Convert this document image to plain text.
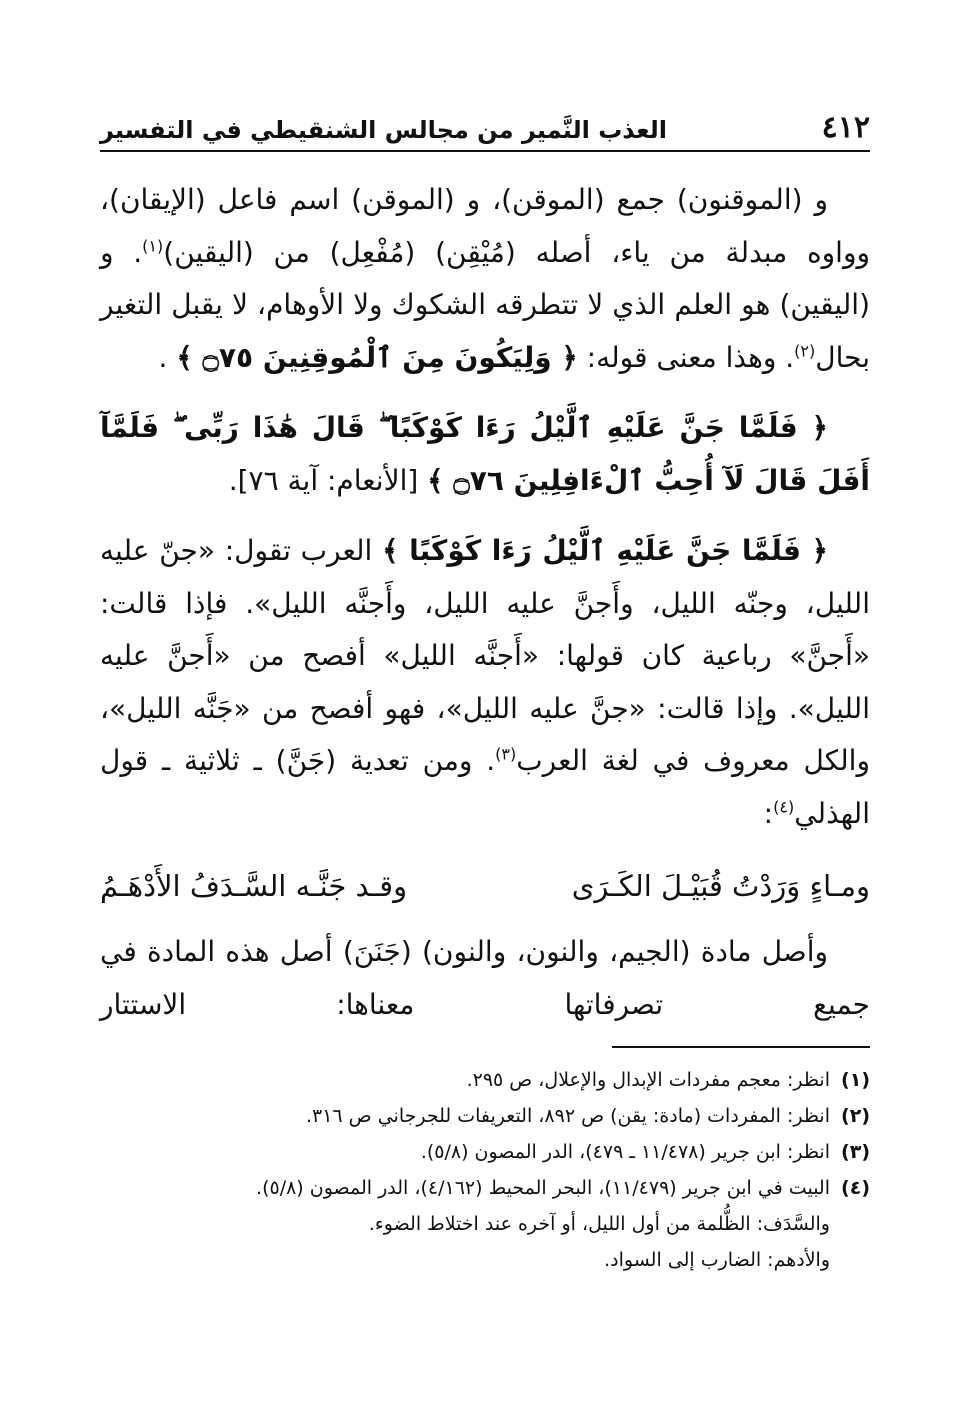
٤١٢
العذب النَّمير من مجالس الشنقيطي في التفسير

و (الموقنون) جمع (الموقن)، و (الموقن) اسم فاعل (الإيقان)، وواوه مبدلة من ياء، أصله (مُيْقِن) (مُفْعِل) من (اليقين)$^{(١)}$. و (اليقين) هو العلم الذي لا تتطرقه الشكوك ولا الأوهام، لا يقبل التغير بحال$^{(٢)}$. وهذا معنى قوله: ﴿ وَلِيَكُونَ مِنَ ٱلْمُوقِنِينَ ۝٧٥ ﴾ .

﴿ فَلَمَّا جَنَّ عَلَيْهِ ٱلَّيْلُ رَءَا كَوْكَبًا ۖ قَالَ هَٰذَا رَبِّى ۖ فَلَمَّآ أَفَلَ قَالَ لَآ أُحِبُّ ٱلْءَافِلِينَ ۝٧٦ ﴾ [الأنعام: آية ٧٦].

﴿ فَلَمَّا جَنَّ عَلَيْهِ ٱلَّيْلُ رَءَا كَوْكَبًا ﴾ العرب تقول: «جنّ عليه الليل، وجنّه الليل، وأَجنَّ عليه الليل، وأَجنَّه الليل». فإذا قالت: «أَجنَّ» رباعية كان قولها: «أَجنَّه الليل» أفصح من «أَجنَّ عليه الليل». وإذا قالت: «جنَّ عليه الليل»، فهو أفصح من «جَنَّه الليل»، والكل معروف في لغة العرب$^{(٣)}$. ومن تعدية (جَنَّ) ـ ثلاثية ـ قول الهذلي$^{(٤)}$:

ومـاءٍ وَرَدْتُ قُبَيْـلَ الكَـرَى
وقـد جَنَّـه السَّـدَفُ الأَدْهَـمُ

وأصل مادة (الجيم، والنون، والنون) (جَنَنَ) أصل هذه المادة في جميع تصرفاتها معناها: الاستتار

(١)
انظر: معجم مفردات الإبدال والإعلال، ص ٢٩٥.
(٢)
انظر: المفردات (مادة: يقن) ص ٨٩٢، التعريفات للجرجاني ص ٣١٦.
(٣)
انظر: ابن جرير (١١/٤٧٨ ـ ٤٧٩)، الدر المصون (٥/٨).
(٤)
البيت في ابن جرير (١١/٤٧٩)، البحر المحيط (٤/١٦٢)، الدر المصون (٥/٨).
والسَّدَف: الظُّلمة من أول الليل، أو آخره عند اختلاط الضوء.
والأدهم: الضارب إلى السواد.
